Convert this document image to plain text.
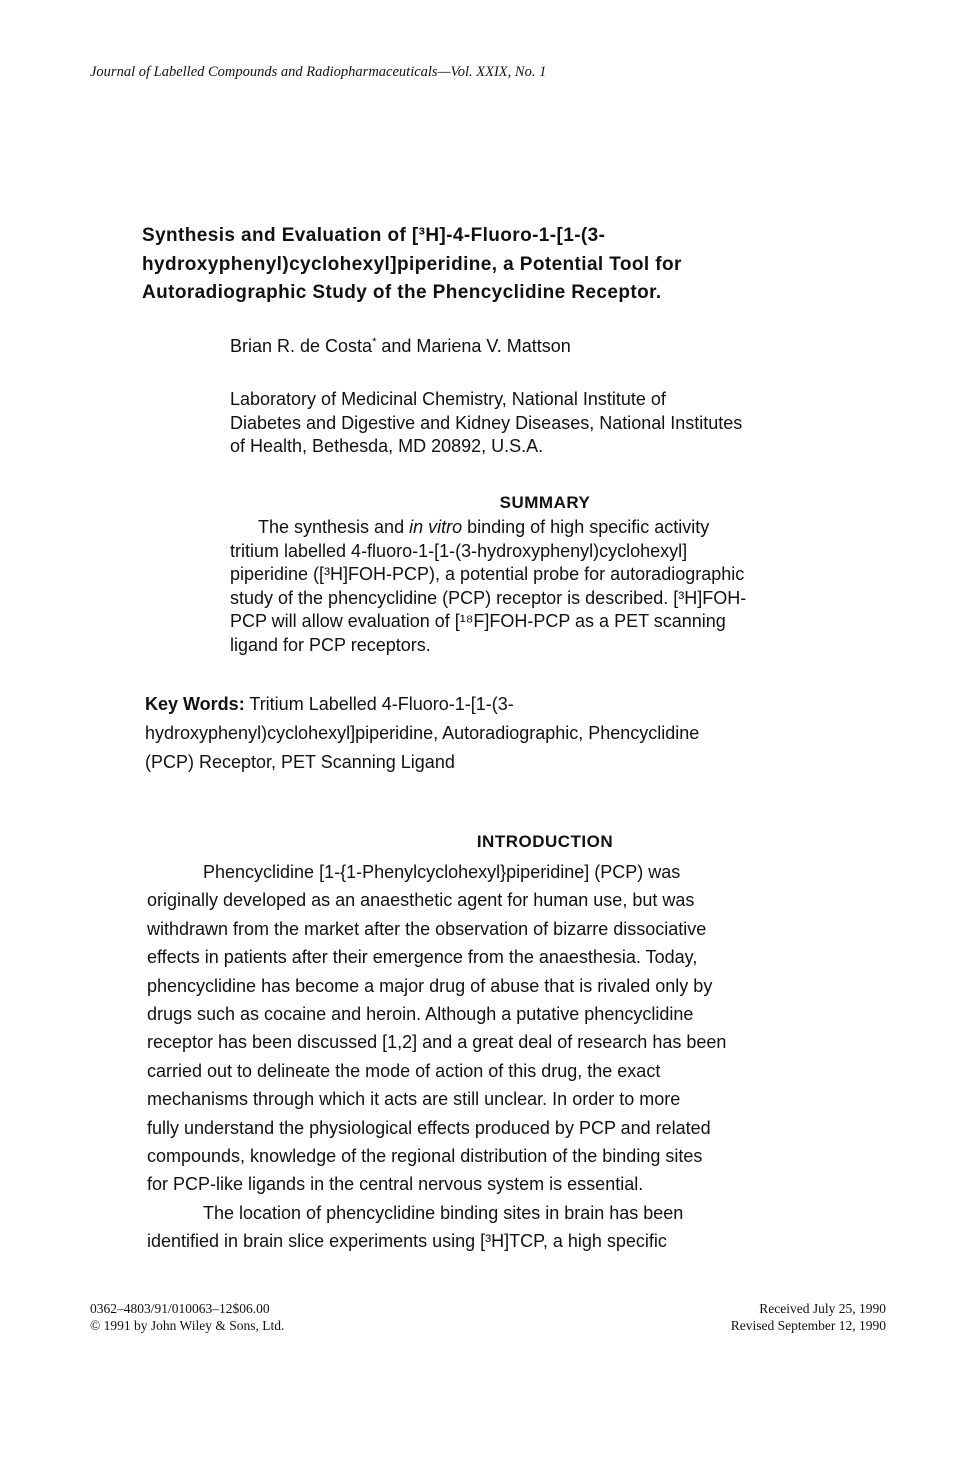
Journal of Labelled Compounds and Radiopharmaceuticals—Vol. XXIX, No. 1
Synthesis and Evaluation of [³H]-4-Fluoro-1-[1-(3-
hydroxyphenyl)cyclohexyl]piperidine, a Potential Tool for
Autoradiographic Study of the Phencyclidine Receptor.
Brian R. de Costa* and Mariena V. Mattson
Laboratory of Medicinal Chemistry, National Institute of
Diabetes and Digestive and Kidney Diseases, National Institutes
of Health, Bethesda, MD 20892, U.S.A.
SUMMARY
The synthesis and in vitro binding of high specific activity
tritium labelled 4-fluoro-1-[1-(3-hydroxyphenyl)cyclohexyl]
piperidine ([³H]FOH-PCP), a potential probe for autoradiographic
study of the phencyclidine (PCP) receptor is described. [³H]FOH-
PCP will allow evaluation of [¹⁸F]FOH-PCP as a PET scanning
ligand for PCP receptors.
Key Words: Tritium Labelled 4-Fluoro-1-[1-(3-
hydroxyphenyl)cyclohexyl]piperidine, Autoradiographic, Phencyclidine
(PCP) Receptor, PET Scanning Ligand
INTRODUCTION
Phencyclidine [1-{1-Phenylcyclohexyl}piperidine] (PCP) was
originally developed as an anaesthetic agent for human use, but was
withdrawn from the market after the observation of bizarre dissociative
effects in patients after their emergence from the anaesthesia. Today,
phencyclidine has become a major drug of abuse that is rivaled only by
drugs such as cocaine and heroin. Although a putative phencyclidine
receptor has been discussed [1,2] and a great deal of research has been
carried out to delineate the mode of action of this drug, the exact
mechanisms through which it acts are still unclear. In order to more
fully understand the physiological effects produced by PCP and related
compounds, knowledge of the regional distribution of the binding sites
for PCP-like ligands in the central nervous system is essential.
The location of phencyclidine binding sites in brain has been
identified in brain slice experiments using [³H]TCP, a high specific
0362–4803/91/010063–12$06.00
© 1991 by John Wiley & Sons, Ltd.
Received July 25, 1990
Revised September 12, 1990
